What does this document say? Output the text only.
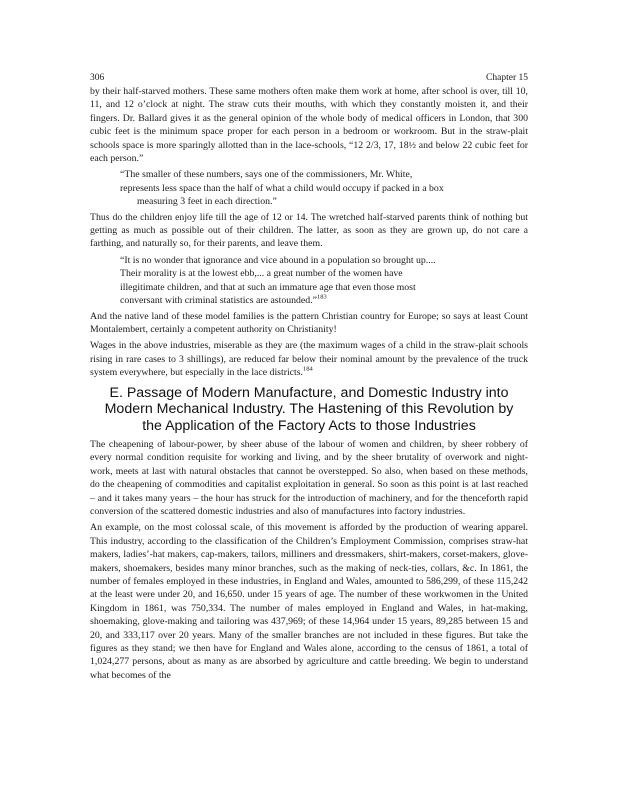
306	Chapter 15

by their half-starved mothers. These same mothers often make them work at home, after school is over, till 10, 11, and 12 o’clock at night. The straw cuts their mouths, with which they constantly moisten it, and their fingers. Dr. Ballard gives it as the general opinion of the whole body of medical officers in London, that 300 cubic feet is the minimum space proper for each person in a bedroom or workroom. But in the straw-plait schools space is more sparingly allotted than in the lace-schools, “12 2/3, 17, 18½ and below 22 cubic feet for each person.”

“The smaller of these numbers, says one of the commissioners, Mr. White,
represents less space than the half of what a child would occupy if packed in a box
measuring 3 feet in each direction.”

Thus do the children enjoy life till the age of 12 or 14. The wretched half-starved parents think of nothing but getting as much as possible out of their children. The latter, as soon as they are grown up, do not care a farthing, and naturally so, for their parents, and leave them.

“It is no wonder that ignorance and vice abound in a population so brought up....
Their morality is at the lowest ebb,... a great number of the women have
illegitimate children, and that at such an immature age that even those most
conversant with criminal statistics are astounded.”$^{183}$

And the native land of these model families is the pattern Christian country for Europe; so says at least Count Montalembert, certainly a competent authority on Christianity!

Wages in the above industries, miserable as they are (the maximum wages of a child in the straw-plait schools rising in rare cases to 3 shillings), are reduced far below their nominal amount by the prevalence of the truck system everywhere, but especially in the lace districts.$^{184}$

E. Passage of Modern Manufacture, and Domestic Industry into Modern Mechanical Industry. The Hastening of this Revolution by the Application of the Factory Acts to those Industries

The cheapening of labour-power, by sheer abuse of the labour of women and children, by sheer robbery of every normal condition requisite for working and living, and by the sheer brutality of overwork and night-work, meets at last with natural obstacles that cannot be overstepped. So also, when based on these methods, do the cheapening of commodities and capitalist exploitation in general. So soon as this point is at last reached – and it takes many years – the hour has struck for the introduction of machinery, and for the thenceforth rapid conversion of the scattered domestic industries and also of manufactures into factory industries.

An example, on the most colossal scale, of this movement is afforded by the production of wearing apparel. This industry, according to the classification of the Children’s Employment Commission, comprises straw-hat makers, ladies’-hat makers, cap-makers, tailors, milliners and dressmakers, shirt-makers, corset-makers, glove-makers, shoemakers, besides many minor branches, such as the making of neck-ties, collars, &c. In 1861, the number of females employed in these industries, in England and Wales, amounted to 586,299, of these 115,242 at the least were under 20, and 16,650. under 15 years of age. The number of these workwomen in the United Kingdom in 1861, was 750,334. The number of males employed in England and Wales, in hat-making, shoemaking, glove-making and tailoring was 437,969; of these 14,964 under 15 years, 89,285 between 15 and 20, and 333,117 over 20 years. Many of the smaller branches are not included in these figures. But take the figures as they stand; we then have for England and Wales alone, according to the census of 1861, a total of 1,024,277 persons, about as many as are absorbed by agriculture and cattle breeding. We begin to understand what becomes of the
